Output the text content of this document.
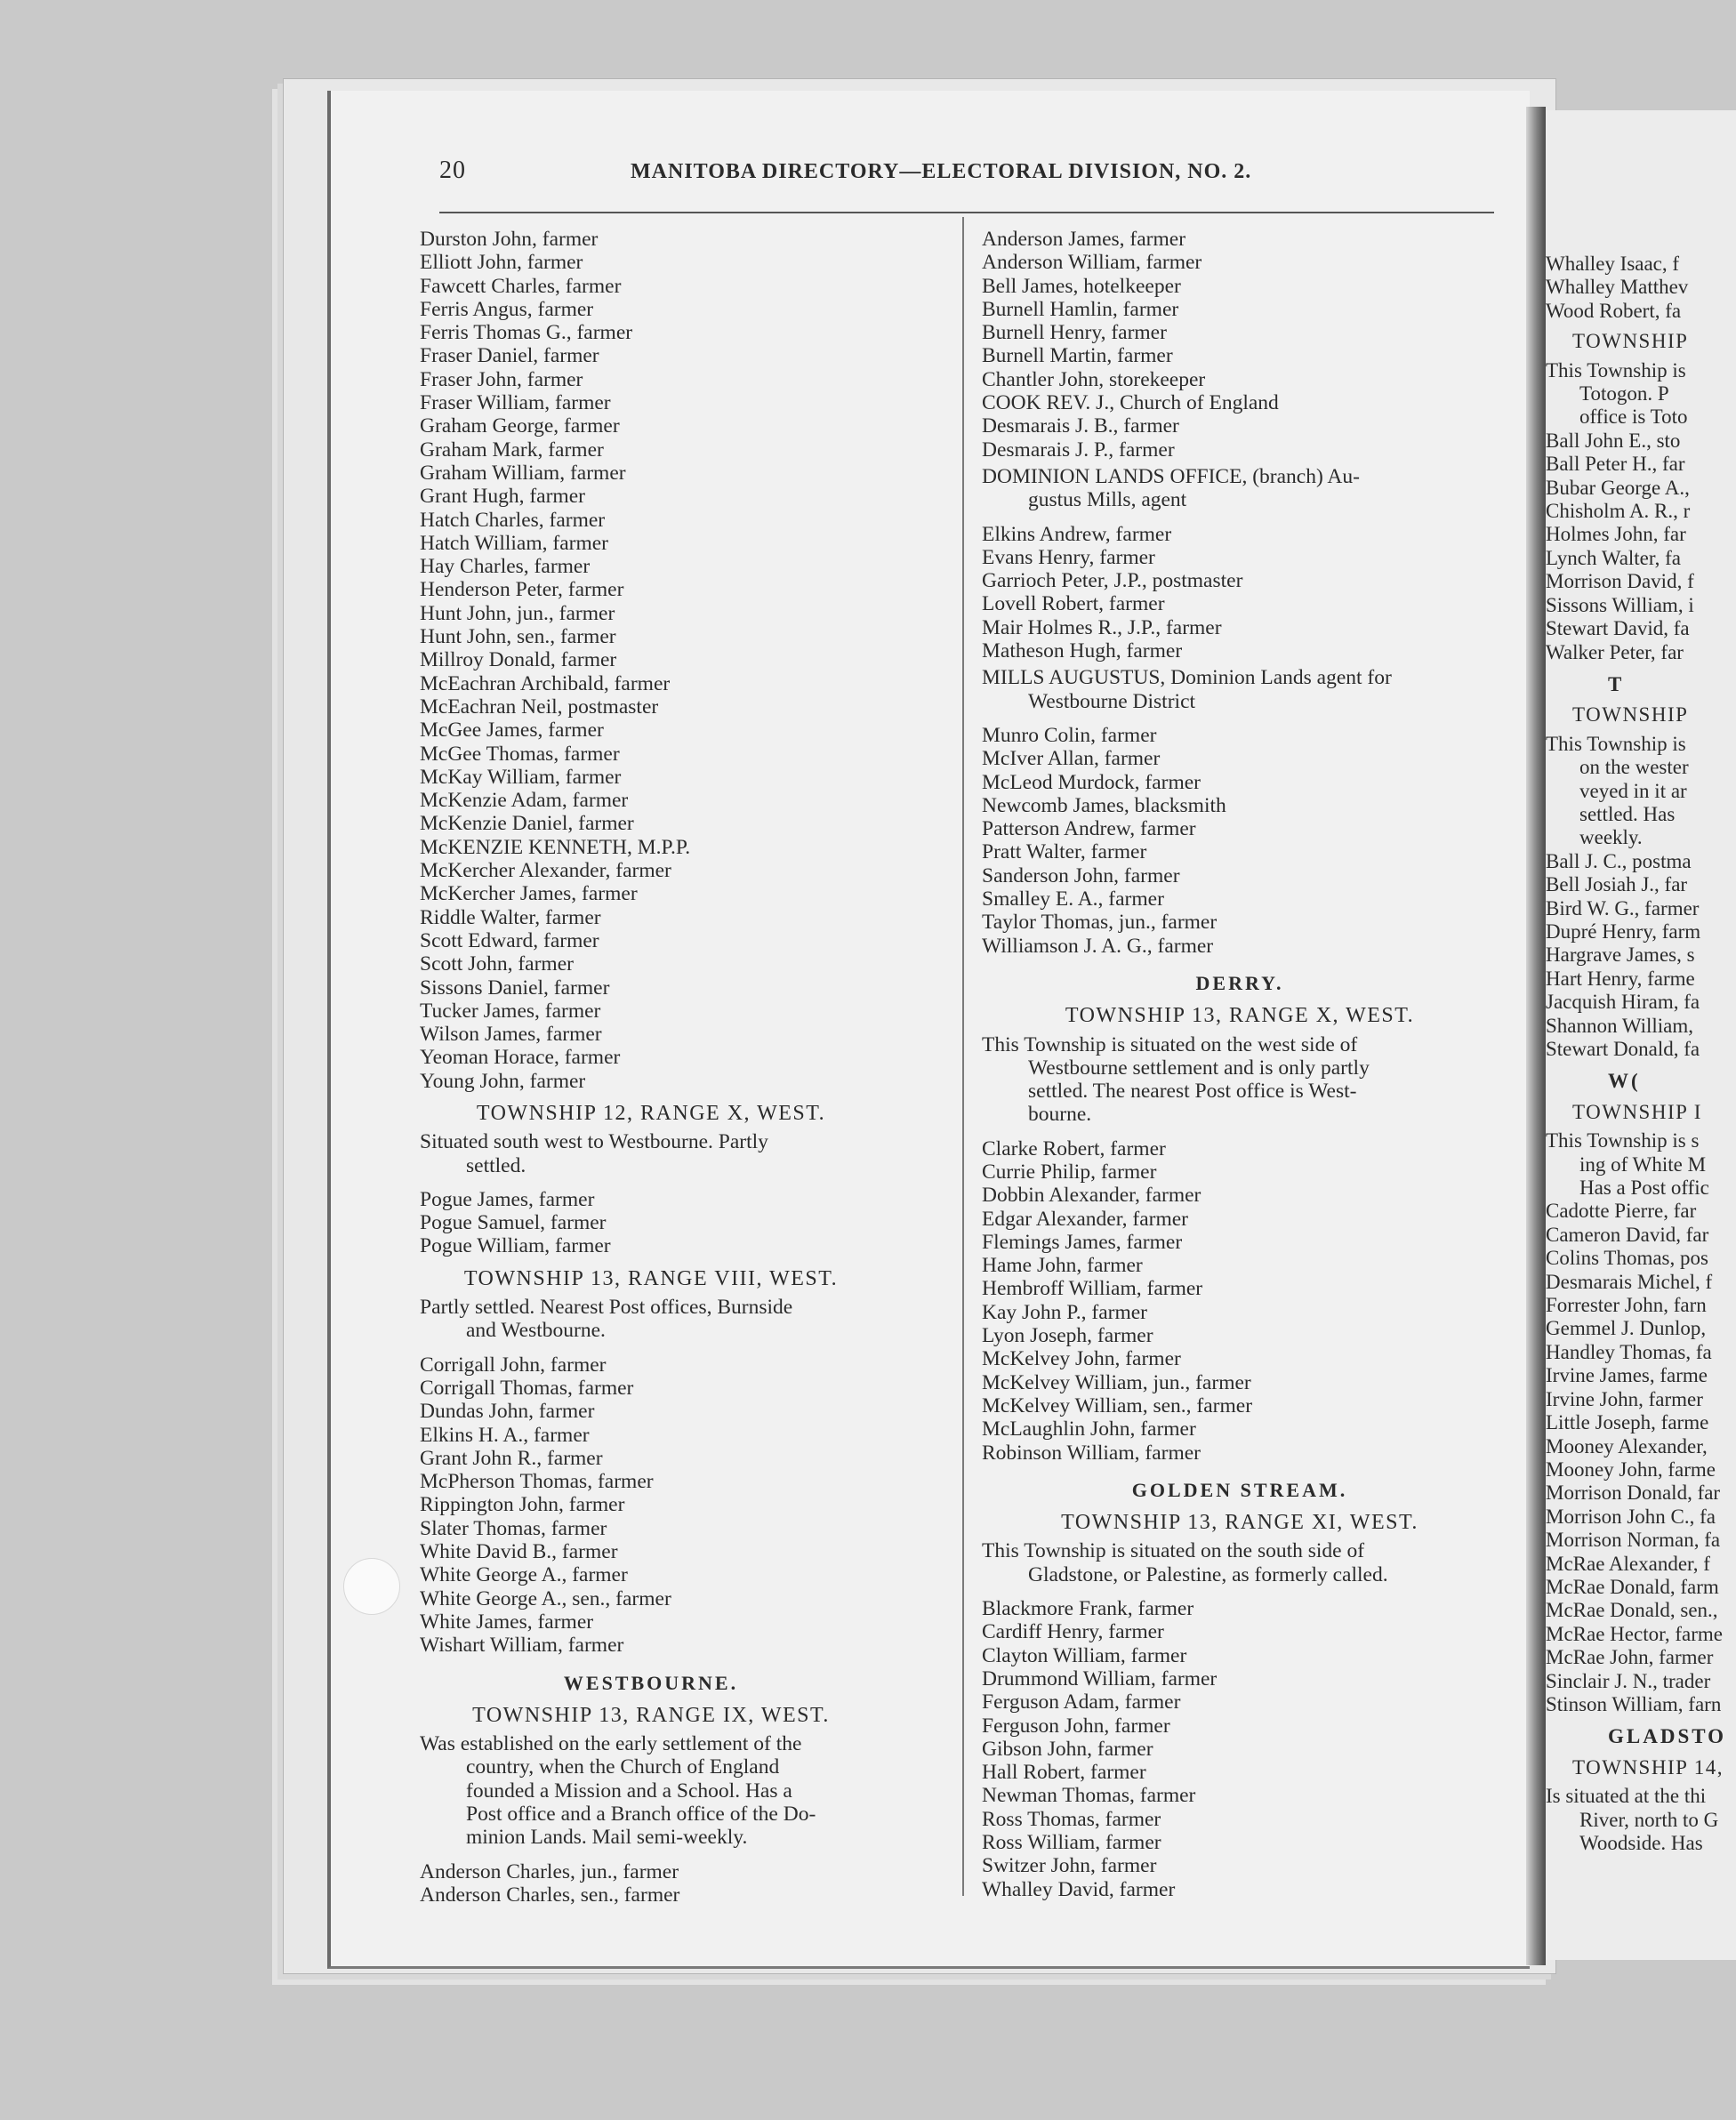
Whalley Isaac, f
Whalley Matthev
Wood Robert, fa
TOWNSHIP
This Township is
Totogon. P
office is Toto
Ball John E., sto
Ball Peter H., far
Bubar George A.,
Chisholm A. R., r
Holmes John, far
Lynch Walter, fa
Morrison David, f
Sissons William, i
Stewart David, fa
Walker Peter, far
T
TOWNSHIP
This Township is
on the wester
veyed in it ar
settled. Has
weekly.
Ball J. C., postma
Bell Josiah J., far
Bird W. G., farmer
Dupré Henry, farm
Hargrave James, s
Hart Henry, farme
Jacquish Hiram, fa
Shannon William,
Stewart Donald, fa
W(
TOWNSHIP I
This Township is s
ing of White M
Has a Post offic
Cadotte Pierre, far
Cameron David, far
Colins Thomas, pos
Desmarais Michel, f
Forrester John, farn
Gemmel J. Dunlop,
Handley Thomas, fa
Irvine James, farme
Irvine John, farmer
Little Joseph, farme
Mooney Alexander,
Mooney John, farme
Morrison Donald, far
Morrison John C., fa
Morrison Norman, fa
McRae Alexander, f
McRae Donald, farm
McRae Donald, sen.,
McRae Hector, farme
McRae John, farmer
Sinclair J. N., trader
Stinson William, farn
GLADSTO
TOWNSHIP 14,
Is situated at the thi
River, north to G
Woodside. Has
20	MANITOBA DIRECTORY—ELECTORAL DIVISION, NO. 2.
Durston John, farmer
Elliott John, farmer
Fawcett Charles, farmer
Ferris Angus, farmer
Ferris Thomas G., farmer
Fraser Daniel, farmer
Fraser John, farmer
Fraser William, farmer
Graham George, farmer
Graham Mark, farmer
Graham William, farmer
Grant Hugh, farmer
Hatch Charles, farmer
Hatch William, farmer
Hay Charles, farmer
Henderson Peter, farmer
Hunt John, jun., farmer
Hunt John, sen., farmer
Millroy Donald, farmer
McEachran Archibald, farmer
McEachran Neil, postmaster
McGee James, farmer
McGee Thomas, farmer
McKay William, farmer
McKenzie Adam, farmer
McKenzie Daniel, farmer
McKENZIE KENNETH, M.P.P.
McKercher Alexander, farmer
McKercher James, farmer
Riddle Walter, farmer
Scott Edward, farmer
Scott John, farmer
Sissons Daniel, farmer
Tucker James, farmer
Wilson James, farmer
Yeoman Horace, farmer
Young John, farmer
TOWNSHIP 12, RANGE X, WEST.
Situated south west to Westbourne. Partly
settled.
Pogue James, farmer
Pogue Samuel, farmer
Pogue William, farmer
TOWNSHIP 13, RANGE VIII, WEST.
Partly settled. Nearest Post offices, Burnside
and Westbourne.
Corrigall John, farmer
Corrigall Thomas, farmer
Dundas John, farmer
Elkins H. A., farmer
Grant John R., farmer
McPherson Thomas, farmer
Rippington John, farmer
Slater Thomas, farmer
White David B., farmer
White George A., farmer
White George A., sen., farmer
White James, farmer
Wishart William, farmer
WESTBOURNE.
TOWNSHIP 13, RANGE IX, WEST.
Was established on the early settlement of the
country, when the Church of England
founded a Mission and a School. Has a
Post office and a Branch office of the Do-
minion Lands. Mail semi-weekly.
Anderson Charles, jun., farmer
Anderson Charles, sen., farmer
Anderson James, farmer
Anderson William, farmer
Bell James, hotelkeeper
Burnell Hamlin, farmer
Burnell Henry, farmer
Burnell Martin, farmer
Chantler John, storekeeper
COOK REV. J., Church of England
Desmarais J. B., farmer
Desmarais J. P., farmer
DOMINION LANDS OFFICE, (branch) Au-
gustus Mills, agent
Elkins Andrew, farmer
Evans Henry, farmer
Garrioch Peter, J.P., postmaster
Lovell Robert, farmer
Mair Holmes R., J.P., farmer
Matheson Hugh, farmer
MILLS AUGUSTUS, Dominion Lands agent for
Westbourne District
Munro Colin, farmer
McIver Allan, farmer
McLeod Murdock, farmer
Newcomb James, blacksmith
Patterson Andrew, farmer
Pratt Walter, farmer
Sanderson John, farmer
Smalley E. A., farmer
Taylor Thomas, jun., farmer
Williamson J. A. G., farmer
DERRY.
TOWNSHIP 13, RANGE X, WEST.
This Township is situated on the west side of
Westbourne settlement and is only partly
settled. The nearest Post office is West-
bourne.
Clarke Robert, farmer
Currie Philip, farmer
Dobbin Alexander, farmer
Edgar Alexander, farmer
Flemings James, farmer
Hame John, farmer
Hembroff William, farmer
Kay John P., farmer
Lyon Joseph, farmer
McKelvey John, farmer
McKelvey William, jun., farmer
McKelvey William, sen., farmer
McLaughlin John, farmer
Robinson William, farmer
GOLDEN STREAM.
TOWNSHIP 13, RANGE XI, WEST.
This Township is situated on the south side of
Gladstone, or Palestine, as formerly called.
Blackmore Frank, farmer
Cardiff Henry, farmer
Clayton William, farmer
Drummond William, farmer
Ferguson Adam, farmer
Ferguson John, farmer
Gibson John, farmer
Hall Robert, farmer
Newman Thomas, farmer
Ross Thomas, farmer
Ross William, farmer
Switzer John, farmer
Whalley David, farmer
